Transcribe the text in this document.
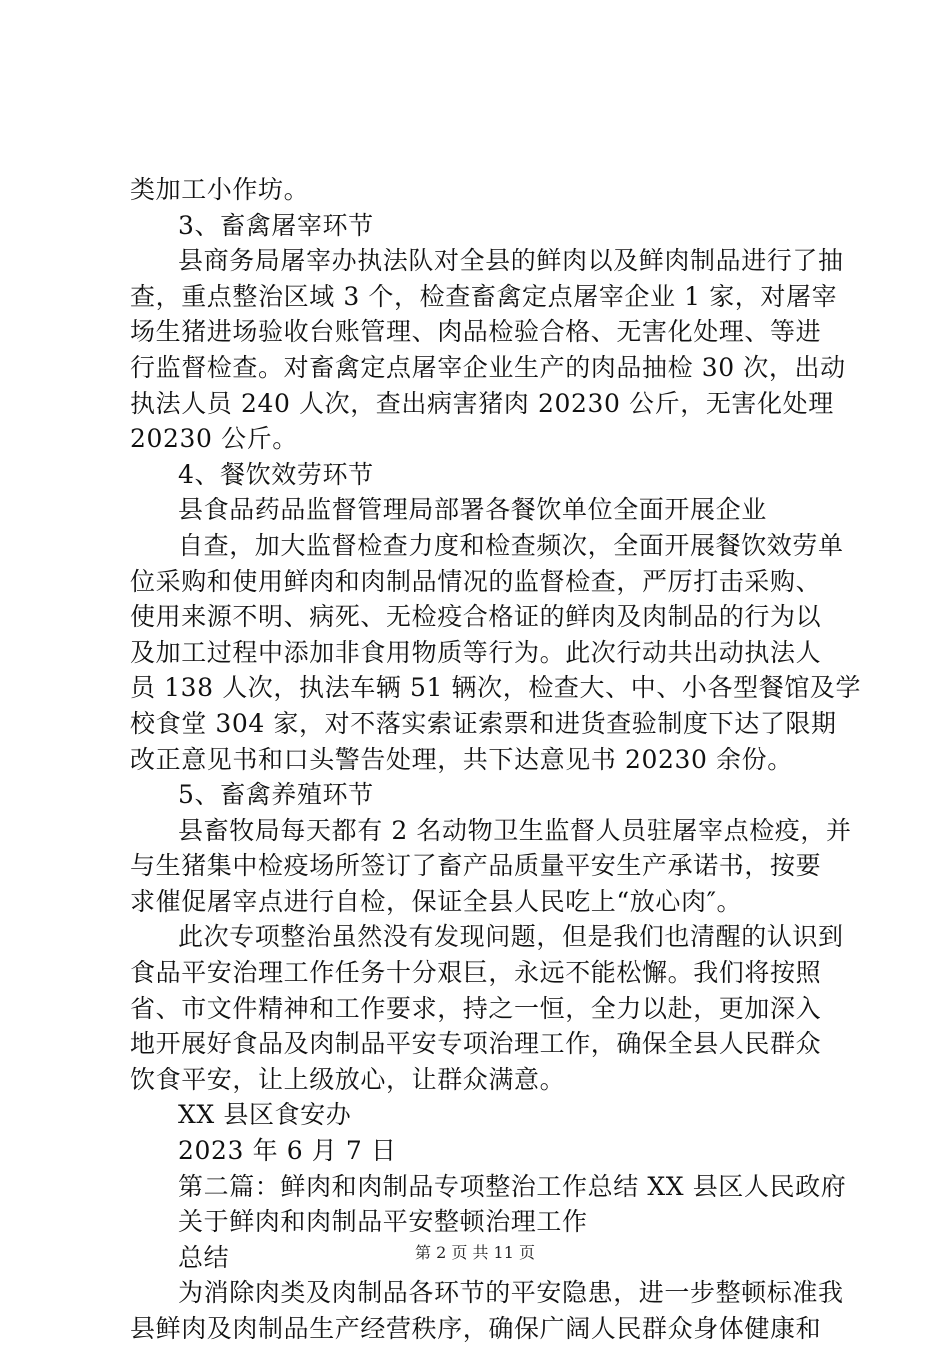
类加工小作坊。

3、畜禽屠宰环节

县商务局屠宰办执法队对全县的鲜肉以及鲜肉制品进行了抽

查，重点整治区域 3 个，检查畜禽定点屠宰企业 1 家，对屠宰

场生猪进场验收台账管理、肉品检验合格、无害化处理、等进

行监督检查。对畜禽定点屠宰企业生产的肉品抽检 30 次，出动

执法人员 240 人次，查出病害猪肉 20230 公斤，无害化处理

20230 公斤。

4、餐饮效劳环节

县食品药品监督管理局部署各餐饮单位全面开展企业

自查，加大监督检查力度和检查频次，全面开展餐饮效劳单

位采购和使用鲜肉和肉制品情况的监督检查，严厉打击采购、

使用来源不明、病死、无检疫合格证的鲜肉及肉制品的行为以

及加工过程中添加非食用物质等行为。此次行动共出动执法人

员 138 人次，执法车辆 51 辆次，检查大、中、小各型餐馆及学

校食堂 304 家，对不落实索证索票和进货查验制度下达了限期

改正意见书和口头警告处理，共下达意见书 20230 余份。

5、畜禽养殖环节

县畜牧局每天都有 2 名动物卫生监督人员驻屠宰点检疫，并

与生猪集中检疫场所签订了畜产品质量平安生产承诺书，按要

求催促屠宰点进行自检，保证全县人民吃上“放心肉″。

此次专项整治虽然没有发现问题，但是我们也清醒的认识到

食品平安治理工作任务十分艰巨，永远不能松懈。我们将按照

省、市文件精神和工作要求，持之一恒，全力以赴，更加深入

地开展好食品及肉制品平安专项治理工作，确保全县人民群众

饮食平安，让上级放心，让群众满意。

XX 县区食安办

2023 年 6 月 7 日

第二篇：鲜肉和肉制品专项整治工作总结 XX 县区人民政府

关于鲜肉和肉制品平安整顿治理工作

总结

为消除肉类及肉制品各环节的平安隐患，进一步整顿标准我

县鲜肉及肉制品生产经营秩序，确保广阔人民群众身体健康和

第 2 页 共 11 页
